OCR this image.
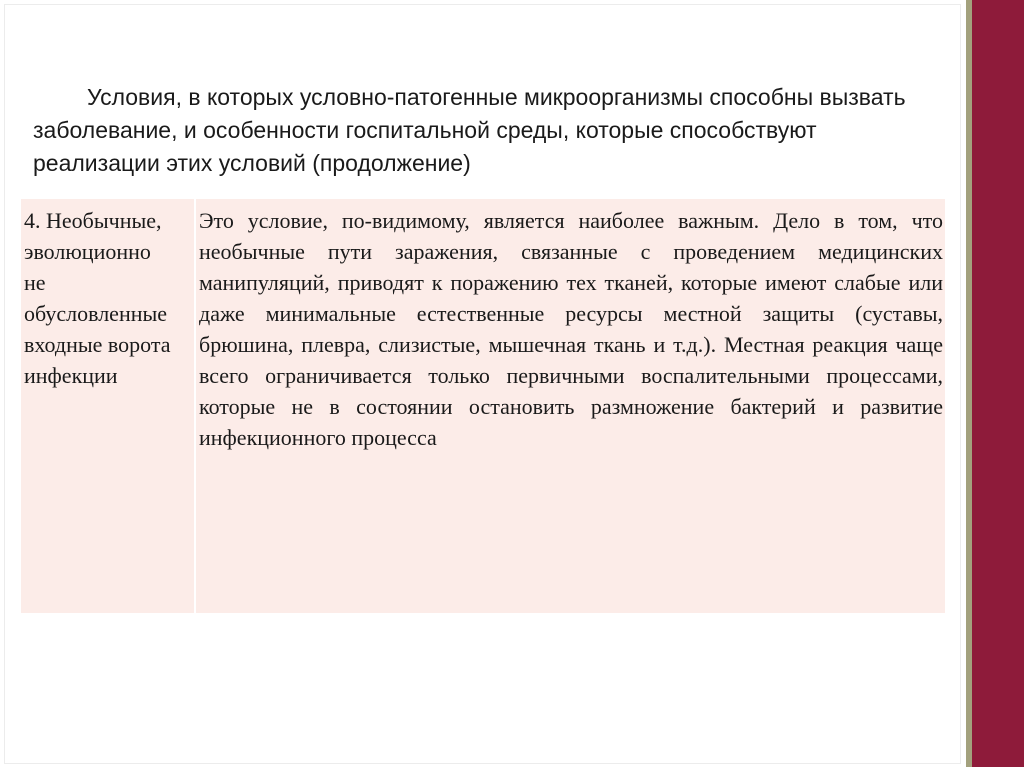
Условия, в которых условно-патогенные микроорганизмы способны вызвать заболевание, и особенности госпитальной среды, которые способствуют реализации этих условий (продолжение)
4. Необычные,
эволюционно
не
обусловленные
входные ворота
инфекции	Это условие, по-видимому, является наиболее важным. Дело в том, что необычные пути заражения, связанные с проведением медицинских манипуляций, приводят к поражению тех тканей, которые имеют слабые или даже минимальные естественные ресурсы местной защиты (суставы, брюшина, плевра, слизистые, мышечная ткань и т.д.). Местная реакция чаще всего ограничивается только первичными воспалительными процессами, которые не в состоянии остановить размножение бактерий и развитие инфекционного процесса
